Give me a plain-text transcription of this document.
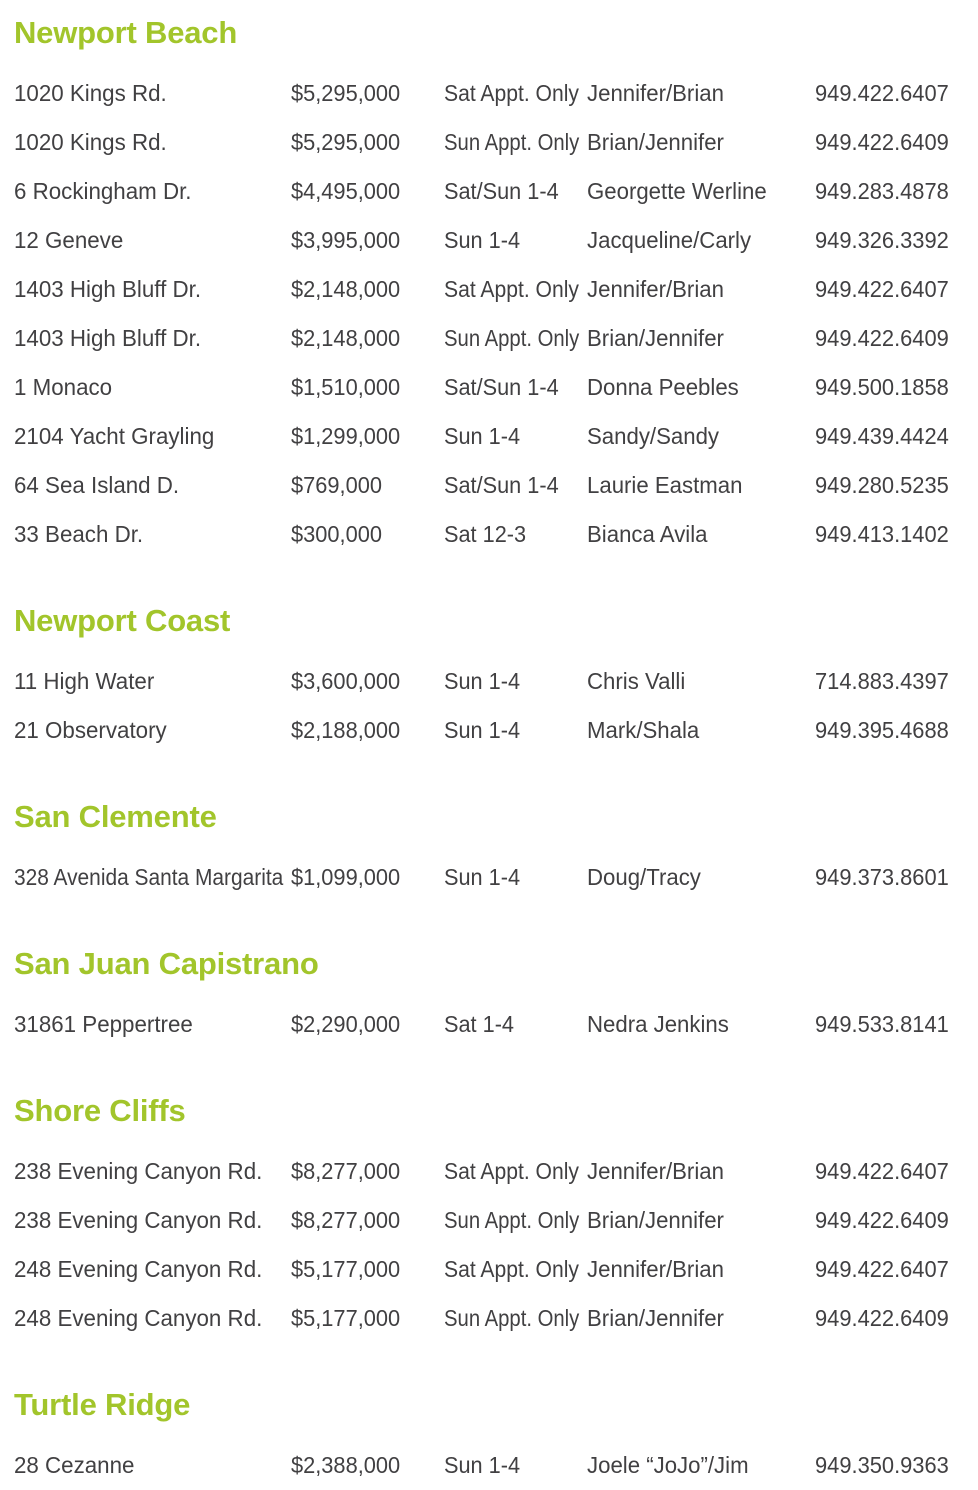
Newport Beach
1020 Kings Rd.	$5,295,000	Sat Appt. Only Jennifer/Brian	949.422.6407
1020 Kings Rd.	$5,295,000	Sun Appt. Only Brian/Jennifer	949.422.6409
6 Rockingham Dr.	$4,495,000	Sat/Sun 1-4	Georgette Werline	949.283.4878
12 Geneve	$3,995,000	Sun 1-4	Jacqueline/Carly	949.326.3392
1403 High Bluff Dr.	$2,148,000	Sat Appt. Only Jennifer/Brian	949.422.6407
1403 High Bluff Dr.	$2,148,000	Sun Appt. Only Brian/Jennifer	949.422.6409
1 Monaco	$1,510,000	Sat/Sun 1-4	Donna Peebles	949.500.1858
2104 Yacht Grayling	$1,299,000	Sun 1-4	Sandy/Sandy	949.439.4424
64 Sea Island D.	$769,000	Sat/Sun 1-4	Laurie Eastman	949.280.5235
33 Beach Dr.	$300,000	Sat 12-3	Bianca Avila	949.413.1402
Newport Coast
11 High Water	$3,600,000	Sun 1-4	Chris Valli	714.883.4397
21 Observatory	$2,188,000	Sun 1-4	Mark/Shala	949.395.4688
San Clemente
328 Avenida Santa Margarita $1,099,000	Sun 1-4	Doug/Tracy	949.373.8601
San Juan Capistrano
31861 Peppertree	$2,290,000	Sat 1-4	Nedra Jenkins	949.533.8141
Shore Cliffs
238 Evening Canyon Rd.	$8,277,000	Sat Appt. Only Jennifer/Brian	949.422.6407
238 Evening Canyon Rd.	$8,277,000	Sun Appt. Only Brian/Jennifer	949.422.6409
248 Evening Canyon Rd.	$5,177,000	Sat Appt. Only Jennifer/Brian	949.422.6407
248 Evening Canyon Rd.	$5,177,000	Sun Appt. Only Brian/Jennifer	949.422.6409
Turtle Ridge
28 Cezanne	$2,388,000	Sun 1-4	Joele “JoJo”/Jim	949.350.9363
